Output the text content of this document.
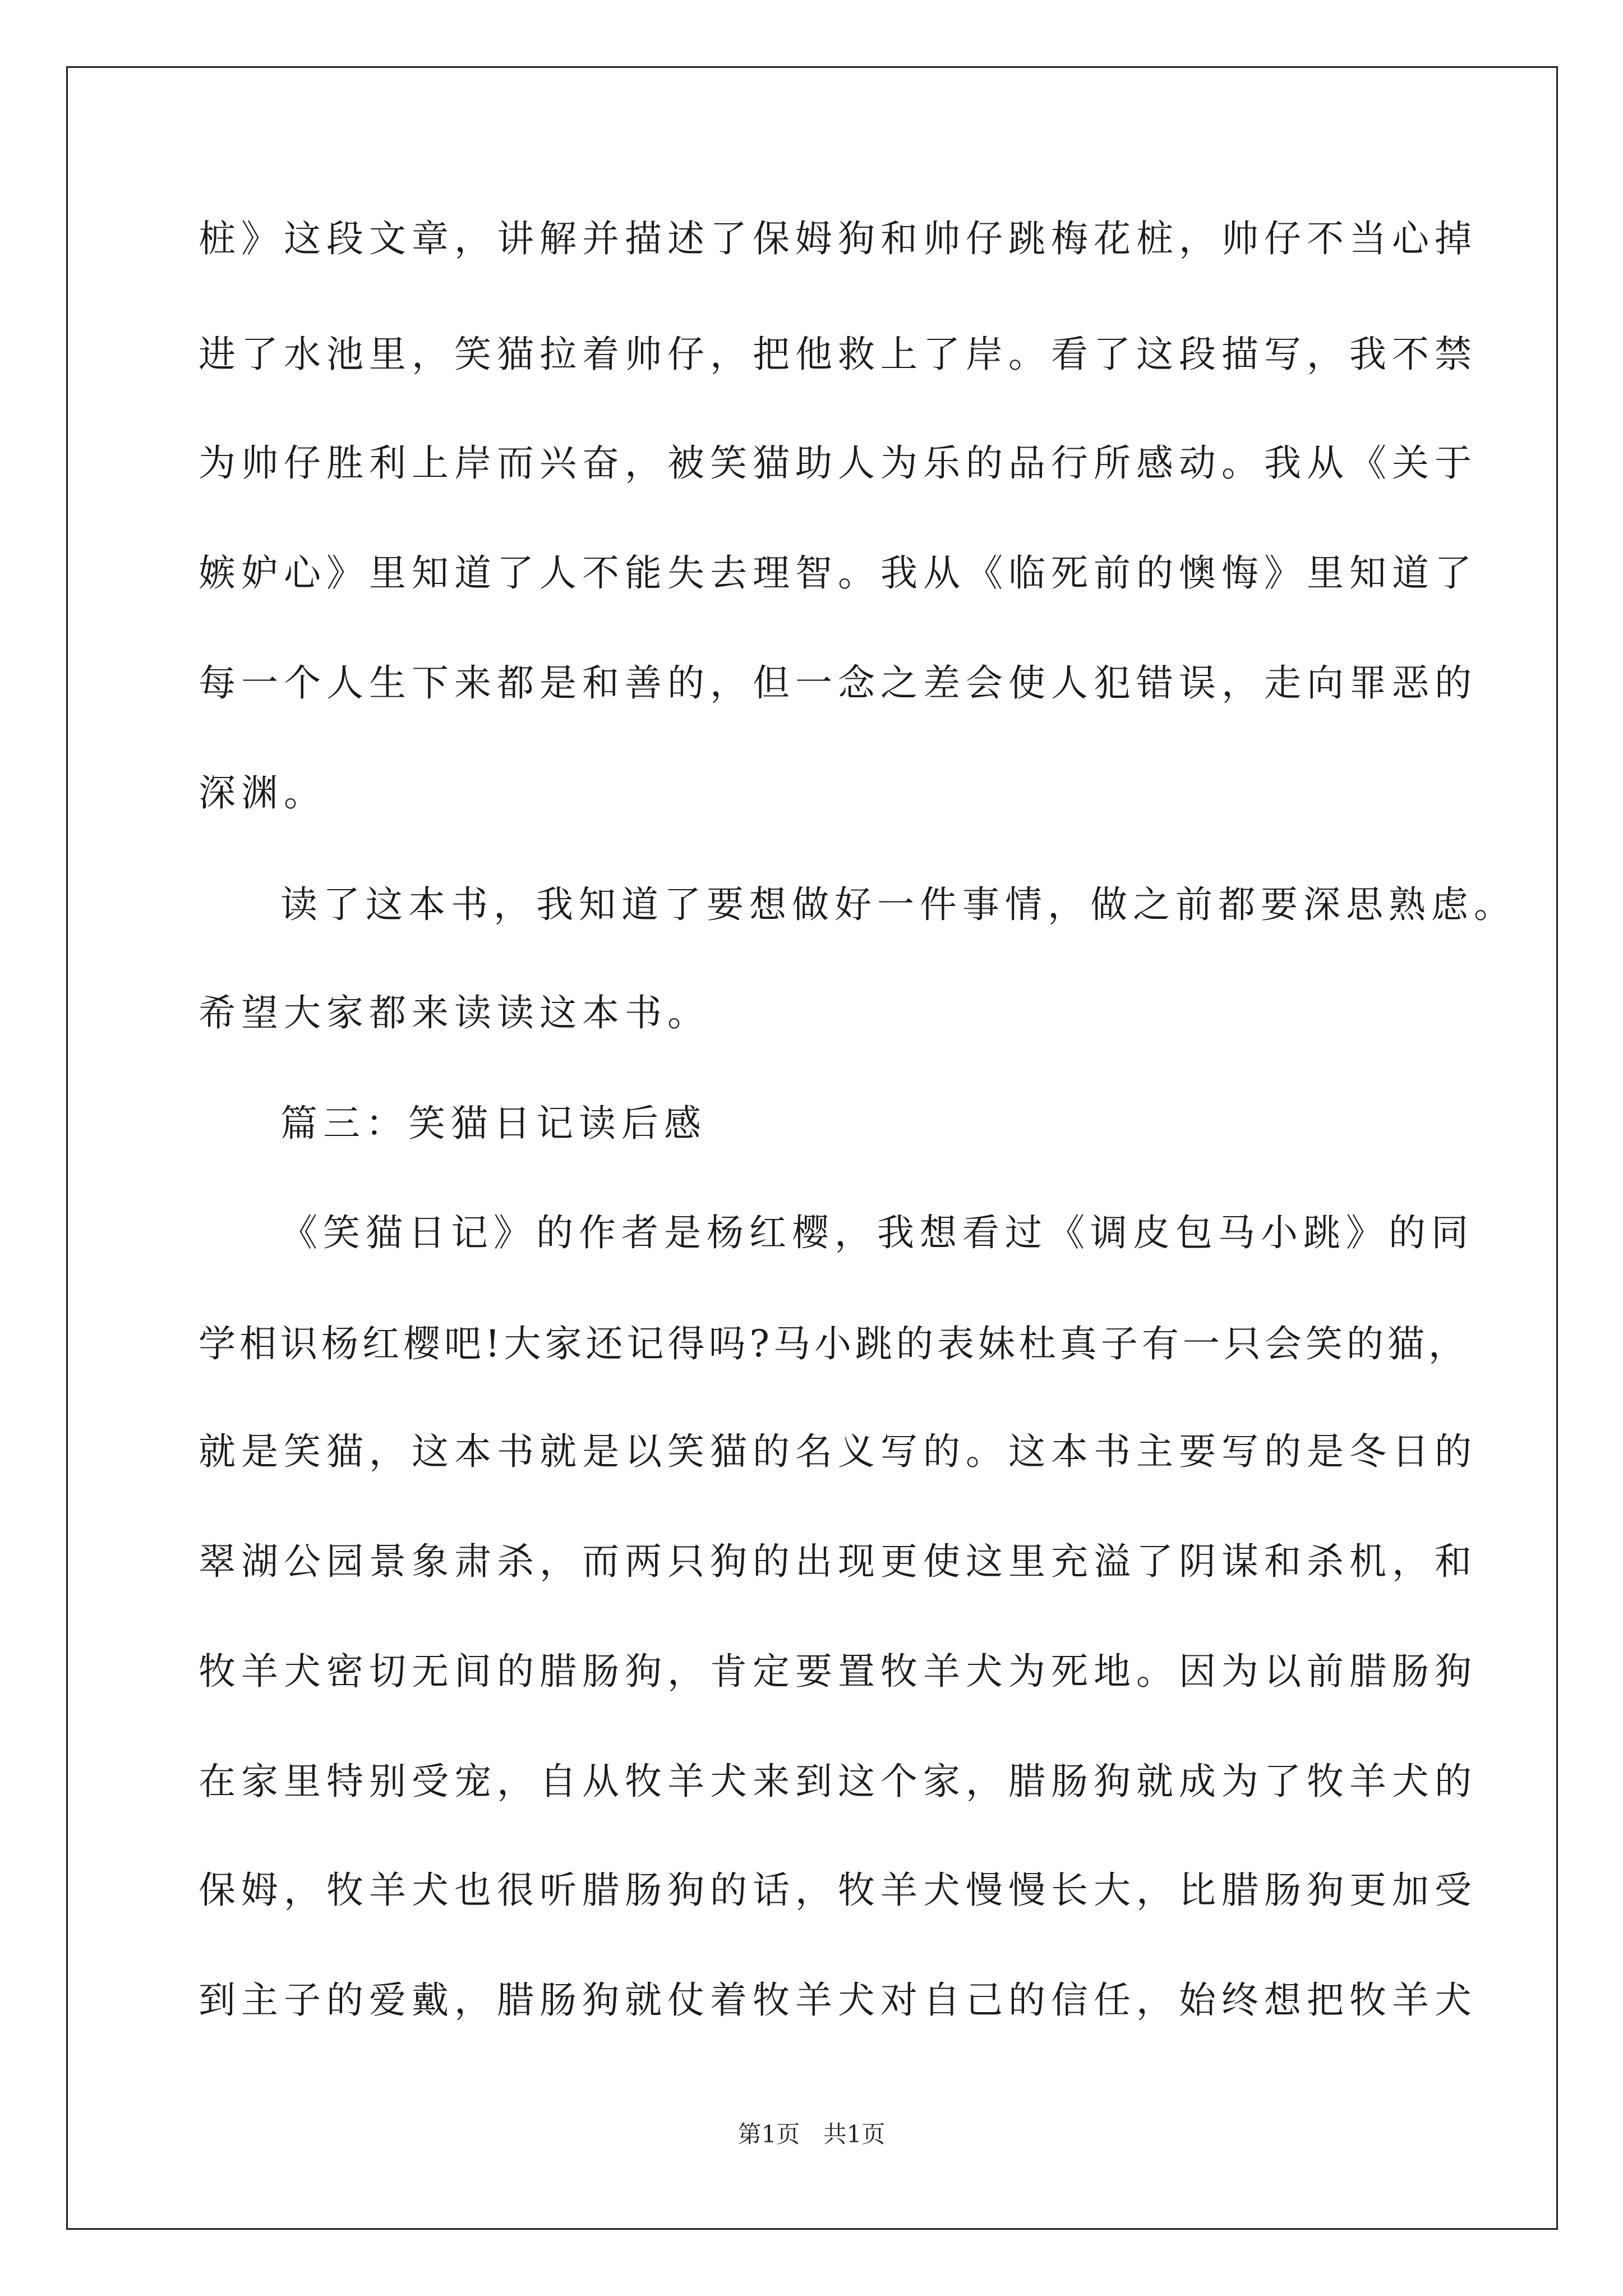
桩》这段文章，讲解并描述了保姆狗和帅仔跳梅花桩，帅仔不当心掉
进了水池里，笑猫拉着帅仔，把他救上了岸。看了这段描写，我不禁
为帅仔胜利上岸而兴奋，被笑猫助人为乐的品行所感动。我从《关于
嫉妒心》里知道了人不能失去理智。我从《临死前的懊悔》里知道了
每一个人生下来都是和善的，但一念之差会使人犯错误，走向罪恶的
深渊。
读了这本书，我知道了要想做好一件事情，做之前都要深思熟虑。
希望大家都来读读这本书。
篇三：笑猫日记读后感
《笑猫日记》的作者是杨红樱，我想看过《调皮包马小跳》的同
学相识杨红樱吧!大家还记得吗?马小跳的表妹杜真子有一只会笑的猫，
就是笑猫，这本书就是以笑猫的名义写的。这本书主要写的是冬日的
翠湖公园景象肃杀，而两只狗的出现更使这里充溢了阴谋和杀机，和
牧羊犬密切无间的腊肠狗，肯定要置牧羊犬为死地。因为以前腊肠狗
在家里特别受宠，自从牧羊犬来到这个家，腊肠狗就成为了牧羊犬的
保姆，牧羊犬也很听腊肠狗的话，牧羊犬慢慢长大，比腊肠狗更加受
到主子的爱戴，腊肠狗就仗着牧羊犬对自己的信任，始终想把牧羊犬
第1页 共1页
